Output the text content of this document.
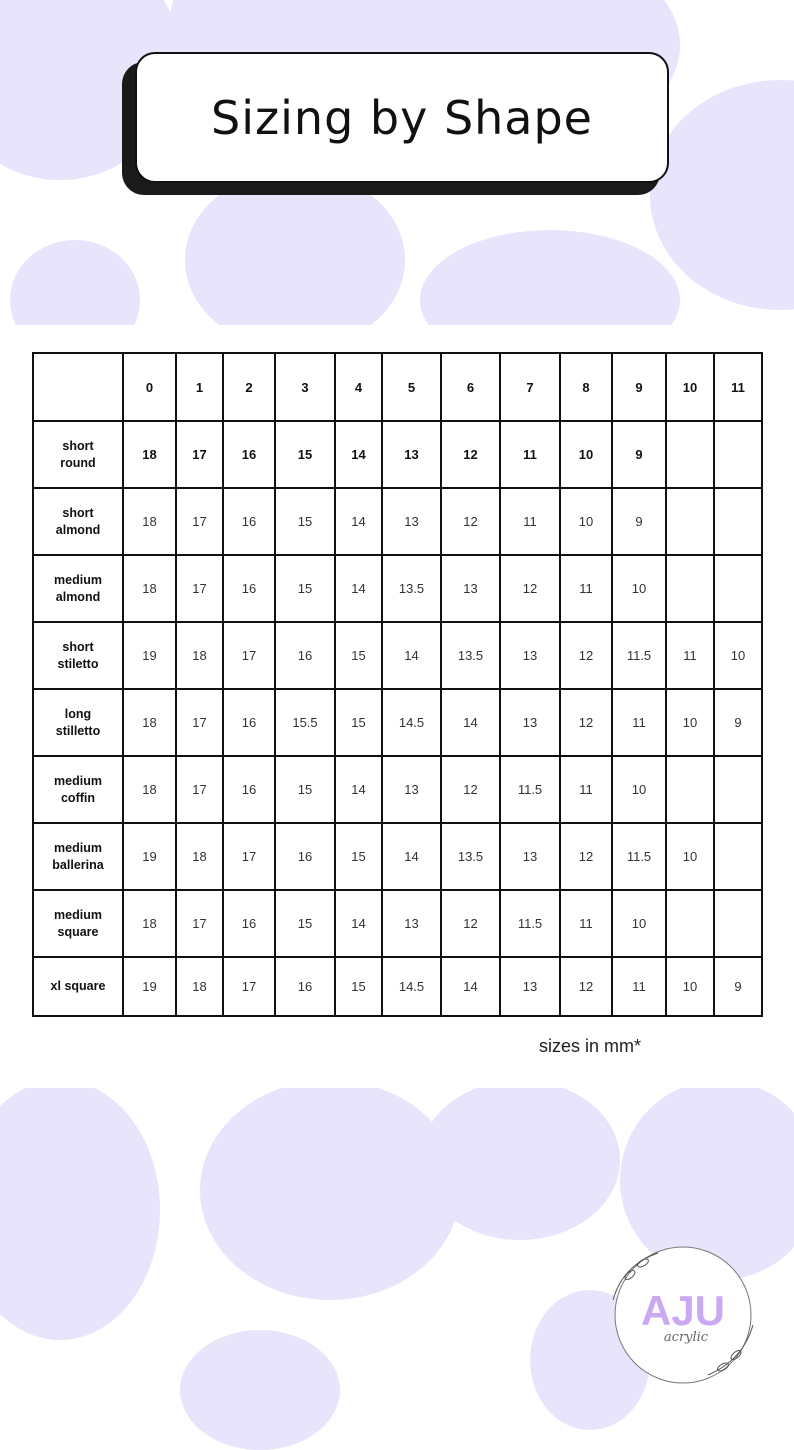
Sizing by Shape
	0	1	2	3	4	5	6	7	8	9	10	11

short
round	18	17	16	15	14	13	12	11	10	9		

short
almond	18	17	16	15	14	13	12	11	10	9		

medium
almond	18	17	16	15	14	13.5	13	12	11	10		

short
stiletto	19	18	17	16	15	14	13.5	13	12	11.5	11	10

long
stilletto	18	17	16	15.5	15	14.5	14	13	12	11	10	9

medium
coffin	18	17	16	15	14	13	12	11.5	11	10		

medium
ballerina	19	18	17	16	15	14	13.5	13	12	11.5	10	

medium
square	18	17	16	15	14	13	12	11.5	11	10		

xl square	19	18	17	16	15	14.5	14	13	12	11	10	9
sizes in mm*
AJU
acrylic
